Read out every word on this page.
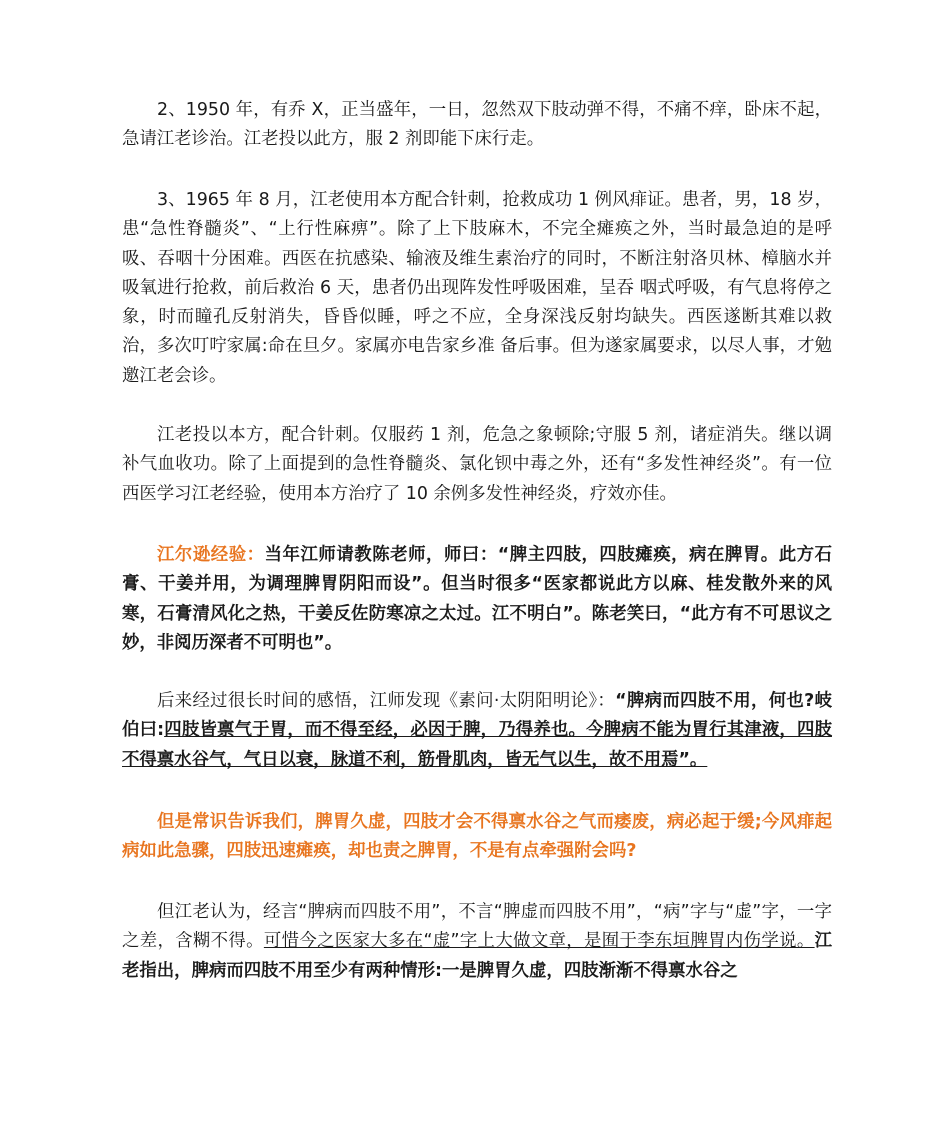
2、1950 年，有乔 X，正当盛年，一日，忽然双下肢动弹不得，不痛不痒，卧床不起，急请江老诊治。江老投以此方，服 2 剂即能下床行走。

3、1965 年 8 月，江老使用本方配合针刺，抢救成功 1 例风痱证。患者，男，18 岁，患“急性脊髓炎”、“上行性麻痹”。除了上下肢麻木，不完全瘫痪之外，当时最急迫的是呼吸、吞咽十分困难。西医在抗感染、输液及维生素治疗的同时，不断注射洛贝林、樟脑水并吸氧进行抢救，前后救治 6 天，患者仍出现阵发性呼吸困难，呈吞 咽式呼吸，有气息将停之象，时而瞳孔反射消失，昏昏似睡，呼之不应，全身深浅反射均缺失。西医遂断其难以救治，多次叮咛家属:命在旦夕。家属亦电告家乡准 备后事。但为遂家属要求，以尽人事，才勉邀江老会诊。

江老投以本方，配合针刺。仅服药 1 剂，危急之象顿除;守服 5 剂，诸症消失。继以调补气血收功。除了上面提到的急性脊髓炎、氯化钡中毒之外，还有“多发性神经炎”。有一位西医学习江老经验，使用本方治疗了 10 余例多发性神经炎，疗效亦佳。

江尔逊经验：当年江师请教陈老师，师曰：“脾主四肢，四肢瘫痪，病在脾胃。此方石膏、干姜并用，为调理脾胃阴阳而设”。但当时很多“医家都说此方以麻、桂发散外来的风寒，石膏清风化之热，干姜反佐防寒凉之太过。江不明白”。陈老笑曰，“此方有不可思议之妙，非阅历深者不可明也”。

后来经过很长时间的感悟，江师发现《素问·太阴阳明论》：“脾病而四肢不用，何也?岐伯曰:四肢皆禀气于胃，而不得至经，必因于脾，乃得养也。今脾病不能为胃行其津液，四肢不得禀水谷气，气日以衰，脉道不利，筋骨肌肉，皆无气以生，故不用焉”。

但是常识告诉我们，脾胃久虚，四肢才会不得禀水谷之气而痿废，病必起于缓;今风痱起病如此急骤，四肢迅速瘫痪，却也责之脾胃，不是有点牵强附会吗?

但江老认为，经言“脾病而四肢不用”，不言“脾虚而四肢不用”，“病”字与“虚”字，一字之差，含糊不得。可惜今之医家大多在“虚”字上大做文章，是囿于李东垣脾胃内伤学说。江老指出，脾病而四肢不用至少有两种情形:一是脾胃久虚，四肢渐渐不得禀水谷之
